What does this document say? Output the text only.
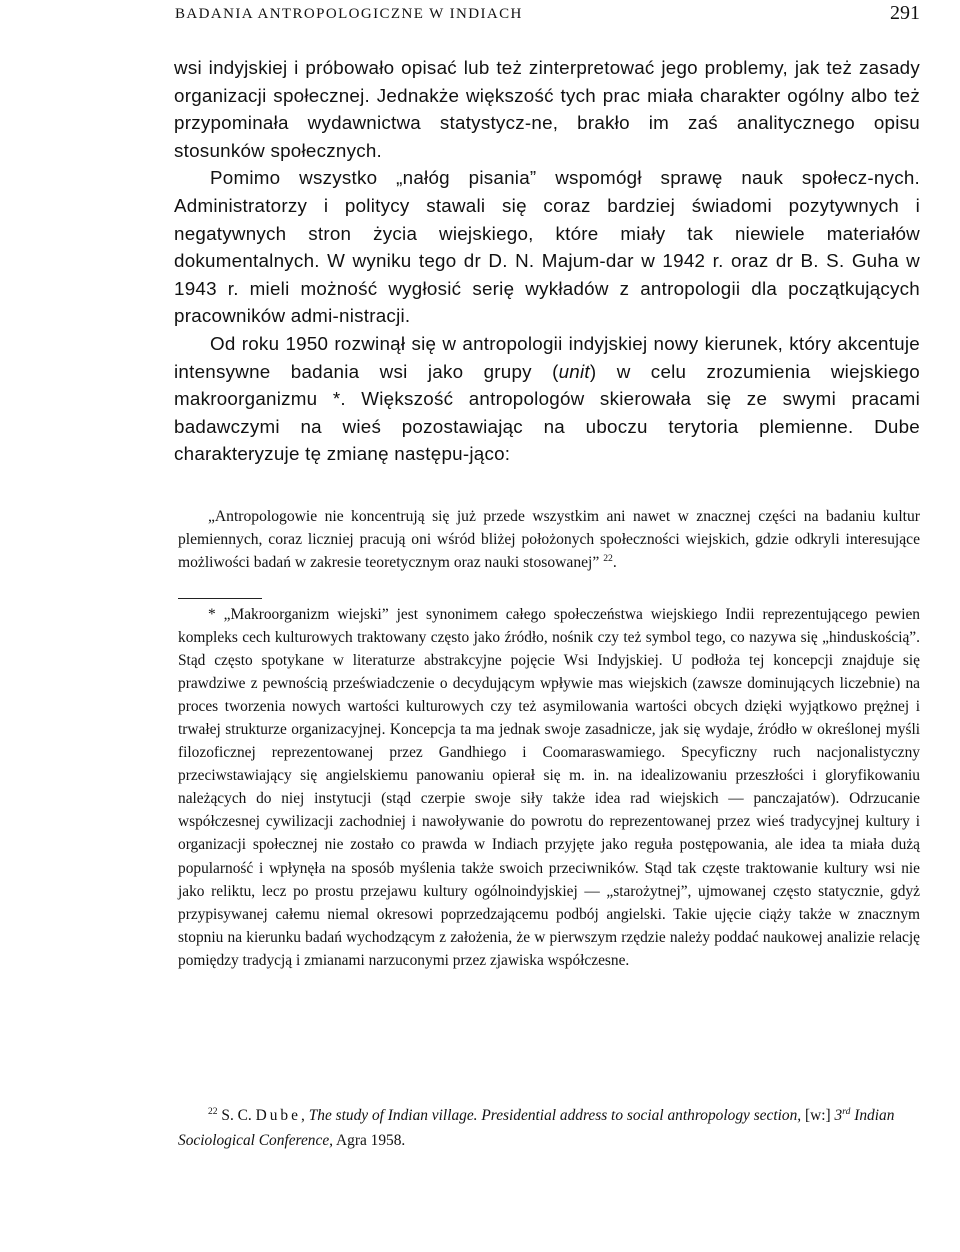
BADANIA ANTROPOLOGICZNE W INDIACH	291

wsi indyjskiej i próbowało opisać lub też zinterpretować jego problemy, jak też zasady organizacji społecznej. Jednakże większość tych prac miała charakter ogólny albo też przypominała wydawnictwa statystycz-ne, brakło im zaś analitycznego opisu stosunków społecznych.

Pomimo wszystko „nałóg pisania” wspomógł sprawę nauk społecz-nych. Administratorzy i politycy stawali się coraz bardziej świadomi pozytywnych i negatywnych stron życia wiejskiego, które miały tak niewiele materiałów dokumentalnych. W wyniku tego dr D. N. Majum-dar w 1942 r. oraz dr B. S. Guha w 1943 r. mieli możność wygłosić serię wykładów z antropologii dla początkujących pracowników admi-nistracji.

Od roku 1950 rozwinął się w antropologii indyjskiej nowy kierunek, który akcentuje intensywne badania wsi jako grupy (unit) w celu zrozumienia wiejskiego makroorganizmu *. Większość antropologów skierowała się ze swymi pracami badawczymi na wieś pozostawiając na uboczu terytoria plemienne. Dube charakteryzuje tę zmianę następu-jąco:

„Antropologowie nie koncentrują się już przede wszystkim ani nawet w znacznej części na badaniu kultur plemiennych, coraz liczniej pracują oni wśród bliżej położonych społeczności wiejskich, gdzie odkryli interesujące możliwości badań w zakresie teoretycznym oraz nauki stosowanej” $^{22}$.

* „Makroorganizm wiejski” jest synonimem całego społeczeństwa wiejskiego Indii reprezentującego pewien kompleks cech kulturowych traktowany często jako źródło, nośnik czy też symbol tego, co nazywa się „hinduskością”. Stąd często spotykane w literaturze abstrakcyjne pojęcie Wsi Indyjskiej. U podłoża tej koncepcji znajduje się prawdziwe z pewnością przeświadczenie o decydującym wpływie mas wiejskich (zawsze dominujących liczebnie) na proces tworzenia nowych wartości kulturowych czy też asymilowania wartości obcych dzięki wyjątkowo prężnej i trwałej strukturze organizacyjnej. Koncepcja ta ma jednak swoje zasadnicze, jak się wydaje, źródło w określonej myśli filozoficznej reprezentowanej przez Gandhiego i Coomaraswamiego. Specyficzny ruch nacjonalistyczny przeciwstawiający się angielskiemu panowaniu opierał się m. in. na idealizowaniu przeszłości i gloryfikowaniu należących do niej instytucji (stąd czerpie swoje siły także idea rad wiejskich — panczajatów). Odrzucanie współczesnej cywilizacji zachodniej i nawoływanie do powrotu do reprezentowanej przez wieś tradycyjnej kultury i organizacji społecznej nie zostało co prawda w Indiach przyjęte jako reguła postępowania, ale idea ta miała dużą popularność i wpłynęła na sposób myślenia także swoich przeciwników. Stąd tak częste traktowanie kultury wsi nie jako reliktu, lecz po prostu przejawu kultury ogólnoindyjskiej — „starożytnej”, ujmowanej często statycznie, gdyż przypisywanej całemu niemal okresowi poprzedzającemu podbój angielski. Takie ujęcie ciąży także w znacznym stopniu na kierunku badań wychodzącym z założenia, że w pierwszym rzędzie należy poddać naukowej analizie relację pomiędzy tradycją i zmianami narzuconymi przez zjawiska współczesne.

$^{22}$ S. C. Dube, The study of Indian village. Presidential address to social anthropology section, [w:] 3rd Indian Sociological Conference, Agra 1958.
